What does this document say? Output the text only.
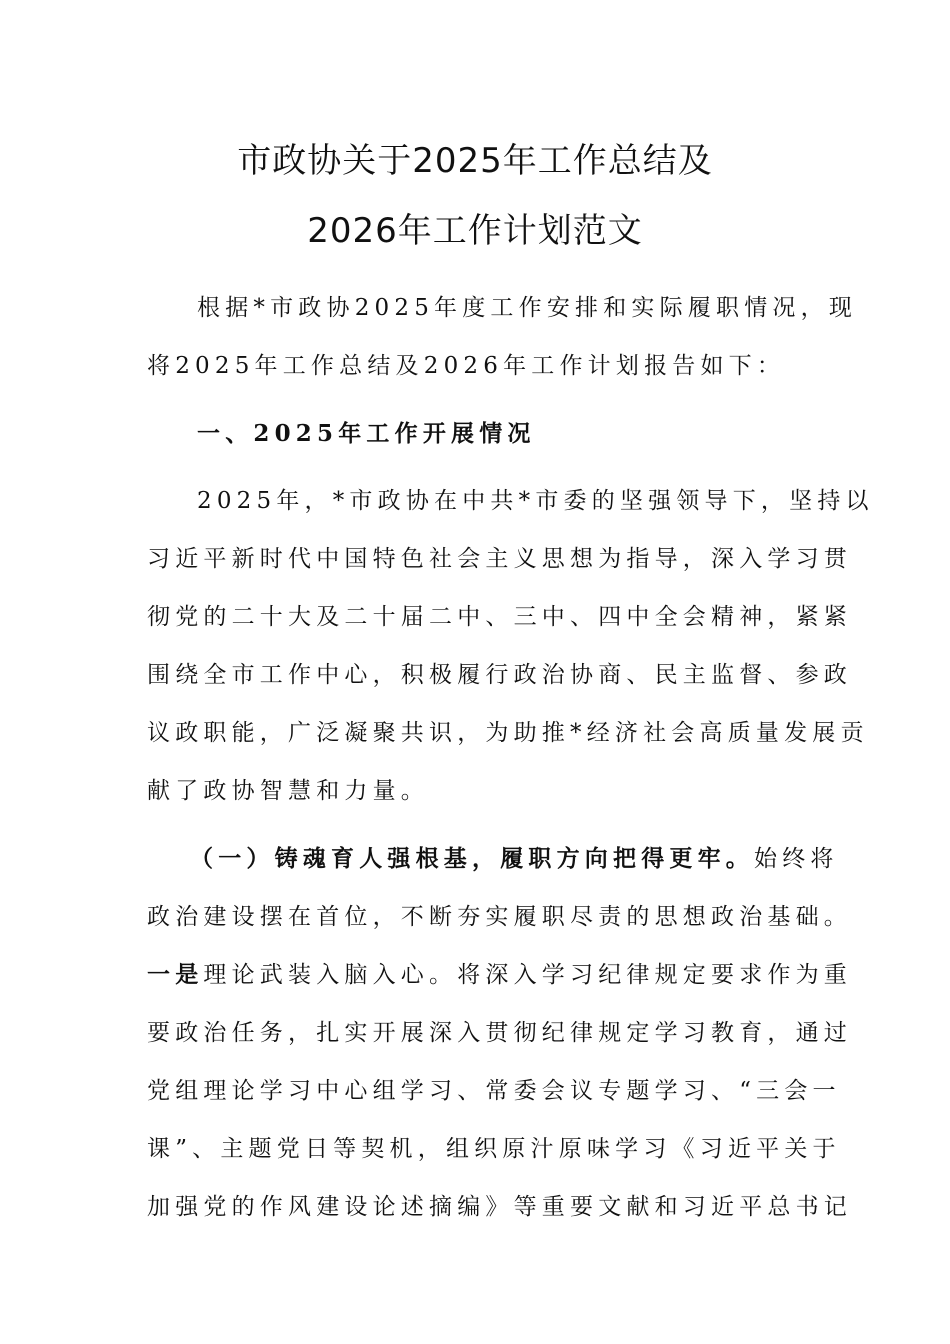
市政协关于2025年工作总结及
2026年工作计划范文
根据*市政协2025年度工作安排和实际履职情况，现
将2025年工作总结及2026年工作计划报告如下：
一、2025年工作开展情况
2025年，*市政协在中共*市委的坚强领导下，坚持以
习近平新时代中国特色社会主义思想为指导，深入学习贯
彻党的二十大及二十届二中、三中、四中全会精神，紧紧
围绕全市工作中心，积极履行政治协商、民主监督、参政
议政职能，广泛凝聚共识，为助推*经济社会高质量发展贡
献了政协智慧和力量。
（一）铸魂育人强根基，履职方向把得更牢。始终将
政治建设摆在首位，不断夯实履职尽责的思想政治基础。
一是理论武装入脑入心。将深入学习纪律规定要求作为重
要政治任务，扎实开展深入贯彻纪律规定学习教育，通过
党组理论学习中心组学习、常委会议专题学习、“三会一
课”、主题党日等契机，组织原汁原味学习《习近平关于
加强党的作风建设论述摘编》等重要文献和习近平总书记
